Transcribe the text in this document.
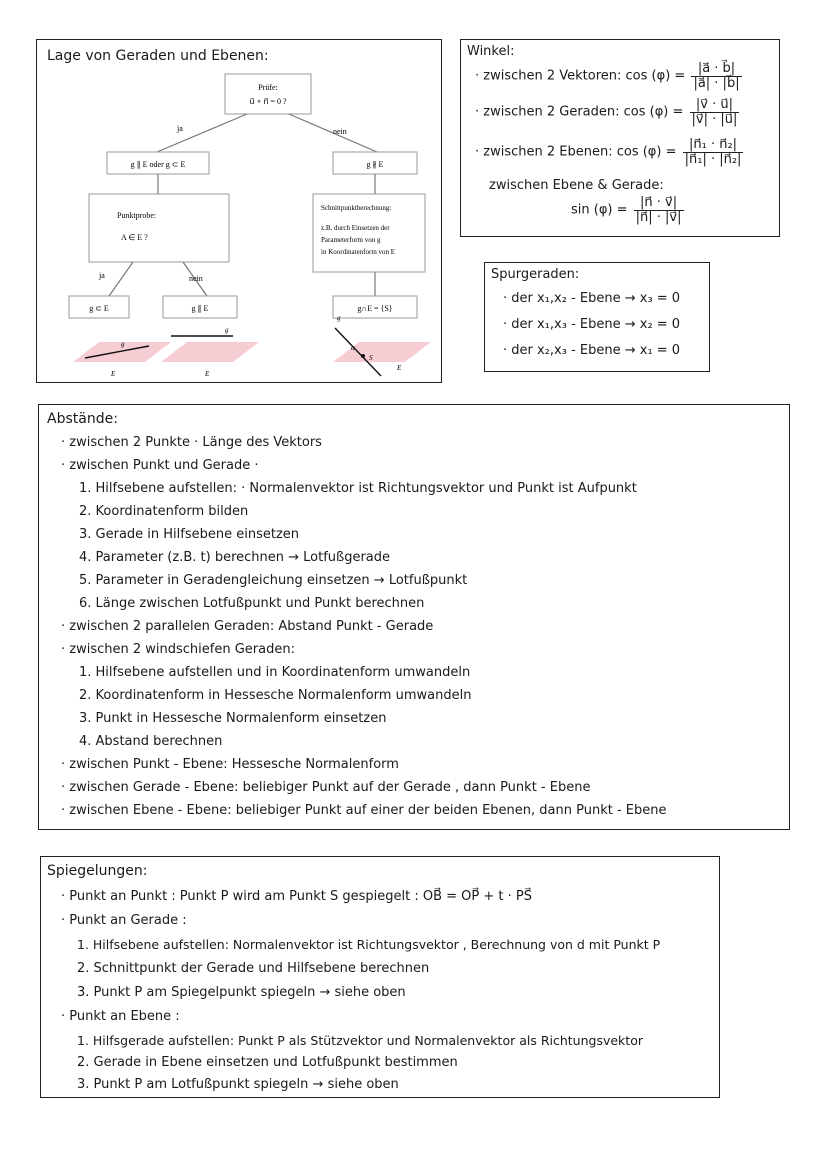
Lage von Geraden und Ebenen:
Prüfe:
u⃗ ∘ n⃗ = 0 ?
ja	nein
g ∥ E oder g ⊂ E	g ∦ E
Punktprobe:
A ∈ E ?
Schnittpunktberechnung:
z.B. durch Einsetzen der
Parameterform von g
in Koordinatenform von E
ja	nein
g ⊂ E	g ∥ E	g∩E = {S}
g
E
g
E
S
α
g
E
Winkel:
· zwischen 2 Vektoren: $\cos (\varphi) = \frac{|a⃗ \cdot b⃗|}{|a⃗| \cdot |b⃗|}$
· zwischen 2 Geraden: $\cos (\varphi) = \frac{|v⃗ \cdot u⃗|}{|v⃗| \cdot |u⃗|}$
· zwischen 2 Ebenen: $\cos (\varphi) = \frac{\text{|n⃗₁ · n⃗₂|}}{\text{|n⃗₁| · |n⃗₂|}}$
zwischen Ebene & Gerade:
$\sin (\varphi) = \frac{|n⃗ \cdot v⃗|}{|n⃗| \cdot |v⃗|}$
Spurgeraden:
· der x₁,x₂ - Ebene → x₃ = 0
· der x₁,x₃ - Ebene → x₂ = 0
· der x₂,x₃ - Ebene → x₁ = 0
Abstände:
· zwischen 2 Punkte · Länge des Vektors
· zwischen Punkt und Gerade ·
1. Hilfsebene aufstellen: · Normalenvektor ist Richtungsvektor und Punkt ist Aufpunkt
2. Koordinatenform bilden
3. Gerade in Hilfsebene einsetzen
4. Parameter (z.B. t) berechnen → Lotfußgerade
5. Parameter in Geradengleichung einsetzen → Lotfußpunkt
6. Länge zwischen Lotfußpunkt und Punkt berechnen
· zwischen 2 parallelen Geraden: Abstand Punkt - Gerade
· zwischen 2 windschiefen Geraden:
1. Hilfsebene aufstellen und in Koordinatenform umwandeln
2. Koordinatenform in Hessesche Normalenform umwandeln
3. Punkt in Hessesche Normalenform einsetzen
4. Abstand berechnen
· zwischen Punkt - Ebene: Hessesche Normalenform
· zwischen Gerade - Ebene: beliebiger Punkt auf der Gerade , dann Punkt - Ebene
· zwischen Ebene - Ebene: beliebiger Punkt auf einer der beiden Ebenen, dann Punkt - Ebene
Spiegelungen:
· Punkt an Punkt : Punkt P wird am Punkt S gespiegelt : OB⃗ = OP⃗ + t · PS⃗
· Punkt an Gerade :
1. Hilfsebene aufstellen: Normalenvektor ist Richtungsvektor , Berechnung von d mit Punkt P
2. Schnittpunkt der Gerade und Hilfsebene berechnen
3. Punkt P am Spiegelpunkt spiegeln → siehe oben
· Punkt an Ebene :
1. Hilfsgerade aufstellen: Punkt P als Stützvektor und Normalenvektor als Richtungsvektor
2. Gerade in Ebene einsetzen und Lotfußpunkt bestimmen
3. Punkt P am Lotfußpunkt spiegeln → siehe oben
